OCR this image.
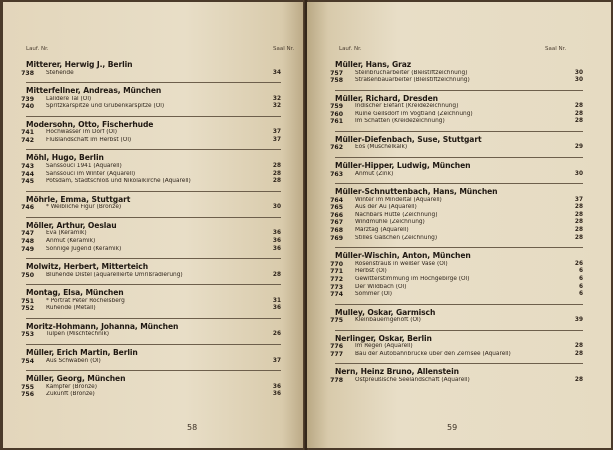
Lauf. Nr.	Saal Nr.
Mitterer, Herwig J., Berlin
738 Stehende	34
Mitterfellner, Andreas, München
739 Lalidere Tal (Öl)	32
740 Spritzkarspitze und Grubenkarspitze (Öl)	32
Modersohn, Otto, Fischerhude
741 Hochwasser im Dorf (Öl)	37
742 Flußlandschaft im Herbst (Öl)	37
Möhl, Hugo, Berlin
743 Sanssouci 1941 (Aquarell)	28
744 Sanssouci im Winter (Aquarell)	28
745 Potsdam, Stadtschloß und Nikolaikirche (Aquarell)	28
Möhrle, Emma, Stuttgart
746 * Weibliche Figur (Bronze)	30
Möller, Arthur, Oeslau
747 Eva (Keramik)	36
748 Anmut (Keramik)	36
749 Sonnige Jugend (Keramik)	36
Molwitz, Herbert, Mitterteich
750 Blühende Distel (aquarellierte Umrißradierung)	28
Montag, Elsa, München
751 * Porträt Peter Rochelsberg	31
752 Ruhende (Metall)	36
Moritz-Hohmann, Johanna, München
753 Tulpen (Mischtechnik)	26
Müller, Erich Martin, Berlin
754 Aus Schwaben (Öl)	37
Müller, Georg, München
755 Kämpfer (Bronze)	36
756 Zukunft (Bronze)	36
58
Lauf. Nr.	Saal Nr.
Müller, Hans, Graz
757 Steinbrucharbeiter (Bleistiftzeichnung)	30
758 Straßenbauarbeiter (Bleistiftzeichnung)	30
Müller, Richard, Dresden
759 Indischer Elefant (Kreidezeichnung)	28
760 Ruine Geilsdorf im Vogtland (Zeichnung)	28
761 Im Schatten (Kreidezeichnung)	28
Müller-Diefenbach, Suse, Stuttgart
762 Eos (Muschelkalk)	29
Müller-Hipper, Ludwig, München
763 Anmut (Zink)	30
Müller-Schnuttenbach, Hans, München
764 Winter im Mindeltal (Aquarell)	37
765 Aus der Au (Aquarell)	28
766 Nachbars Hütte (Zeichnung)	28
767 Windmühle (Zeichnung)	28
768 Märztag (Aquarell)	28
769 Stilles Gäßchen (Zeichnung)	28
Müller-Wischin, Anton, München
770 Rosenstrauß in weißer Vase (Öl)	26
771 Herbst (Öl)	6
772 Gewitterstimmung im Hochgebirge (Öl)	6
773 Der Wildbach (Öl)	6
774 Sommer (Öl)	6
Mulley, Oskar, Garmisch
775 Kleinbauerngehöft (Öl)	39
Nerlinger, Oskar, Berlin
776 Im Regen (Aquarell)	28
777 Bau der Autobahnbrücke über den Zernsee (Aquarell)	28
Nern, Heinz Bruno, Allenstein
778 Ostpreußische Seelandschaft (Aquarell)	28
59
